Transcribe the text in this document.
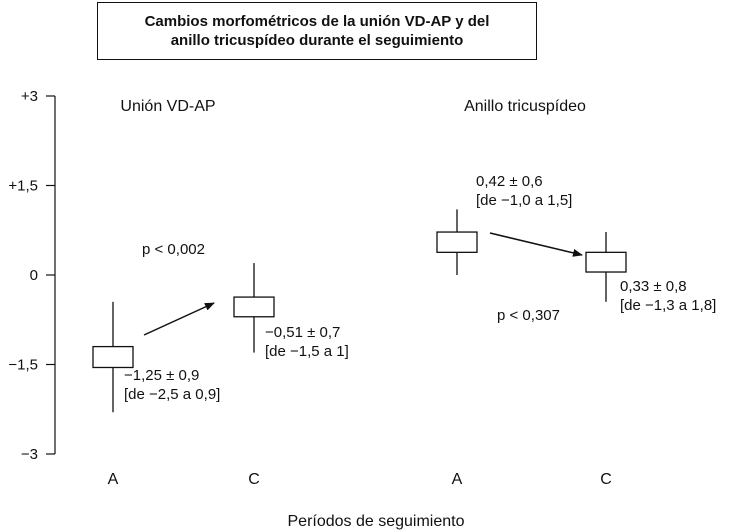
Cambios morfométricos de la unión VD-AP y del anillo tricuspídeo durante el seguimiento
+3
+1,5
0
−1,5
−3
Unión VD-AP
p < 0,002
A
−1,25 ± 0,9
[de −2,5 a 0,9]
C
−0,51 ± 0,7
[de −1,5 a 1]
Anillo tricuspídeo
p < 0,307
A
0,42 ± 0,6
[de −1,0 a 1,5]
C
0,33 ± 0,8
[de −1,3 a 1,8]
Períodos de seguimiento
